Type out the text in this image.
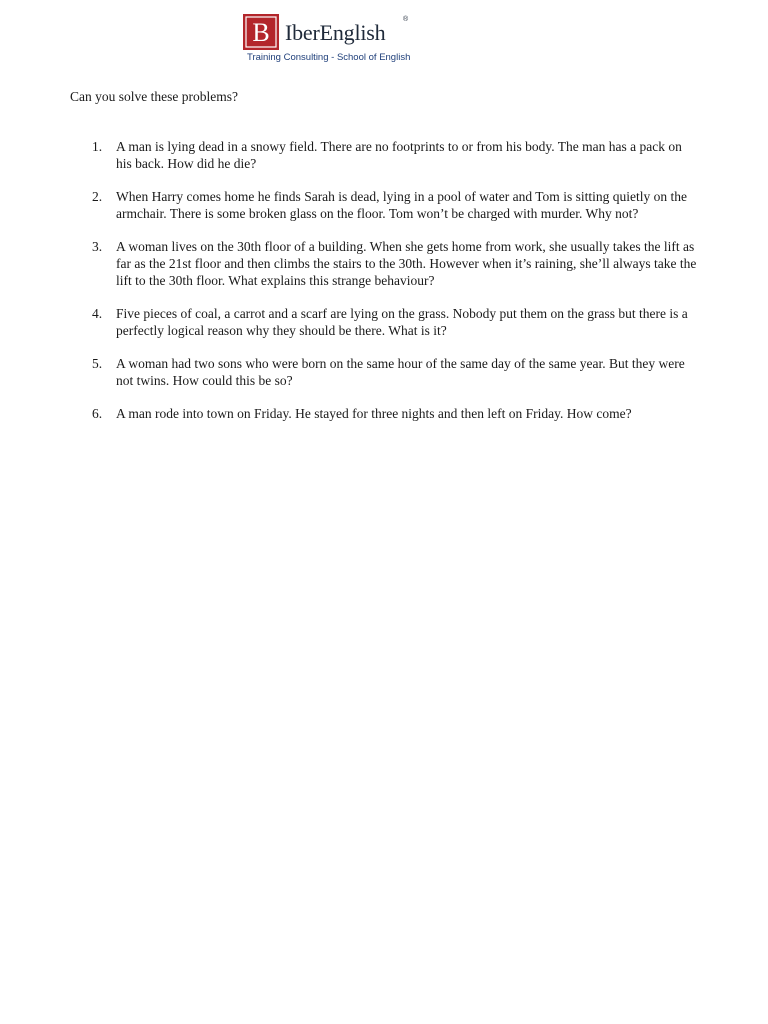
B IberEnglish
®
Training Consulting - School of English

Can you solve these problems?

1. A man is lying dead in a snowy field. There are no footprints to or from his body. The man has a pack on his back. How did he die?
2. When Harry comes home he finds Sarah is dead, lying in a pool of water and Tom is sitting quietly on the armchair. There is some broken glass on the floor. Tom won’t be charged with murder. Why not?
3. A woman lives on the 30th floor of a building. When she gets home from work, she usually takes the lift as far as the 21st floor and then climbs the stairs to the 30th. However when it’s raining, she’ll always take the lift to the 30th floor. What explains this strange behaviour?
4. Five pieces of coal, a carrot and a scarf are lying on the grass. Nobody put them on the grass but there is a perfectly logical reason why they should be there. What is it?
5. A woman had two sons who were born on the same hour of the same day of the same year. But they were not twins. How could this be so?
6. A man rode into town on Friday. He stayed for three nights and then left on Friday. How come?
